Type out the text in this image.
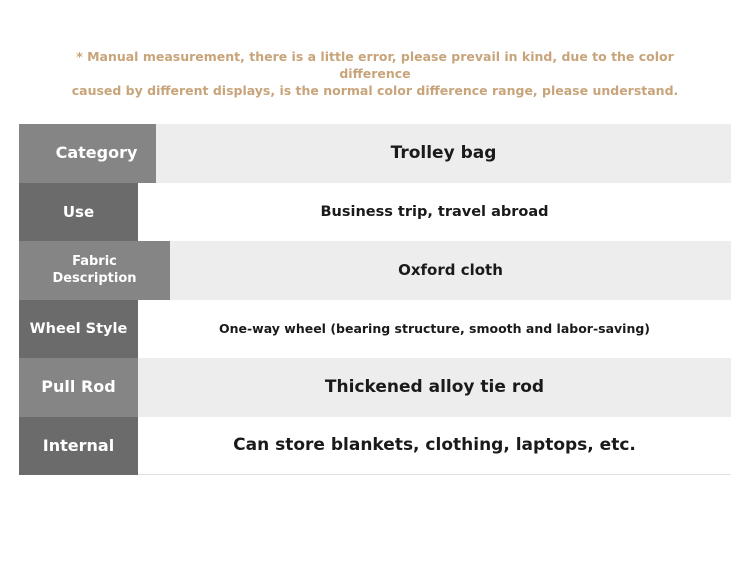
* Manual measurement, there is a little error, please prevail in kind, due to the color difference
caused by different displays, is the normal color difference range, please understand.
Category	Trolley bag
Use	Business trip, travel abroad
Fabric Description	Oxford cloth
Wheel Style	One-way wheel (bearing structure, smooth and labor-saving)
Pull Rod	Thickened alloy tie rod
Internal	Can store blankets, clothing, laptops, etc.
